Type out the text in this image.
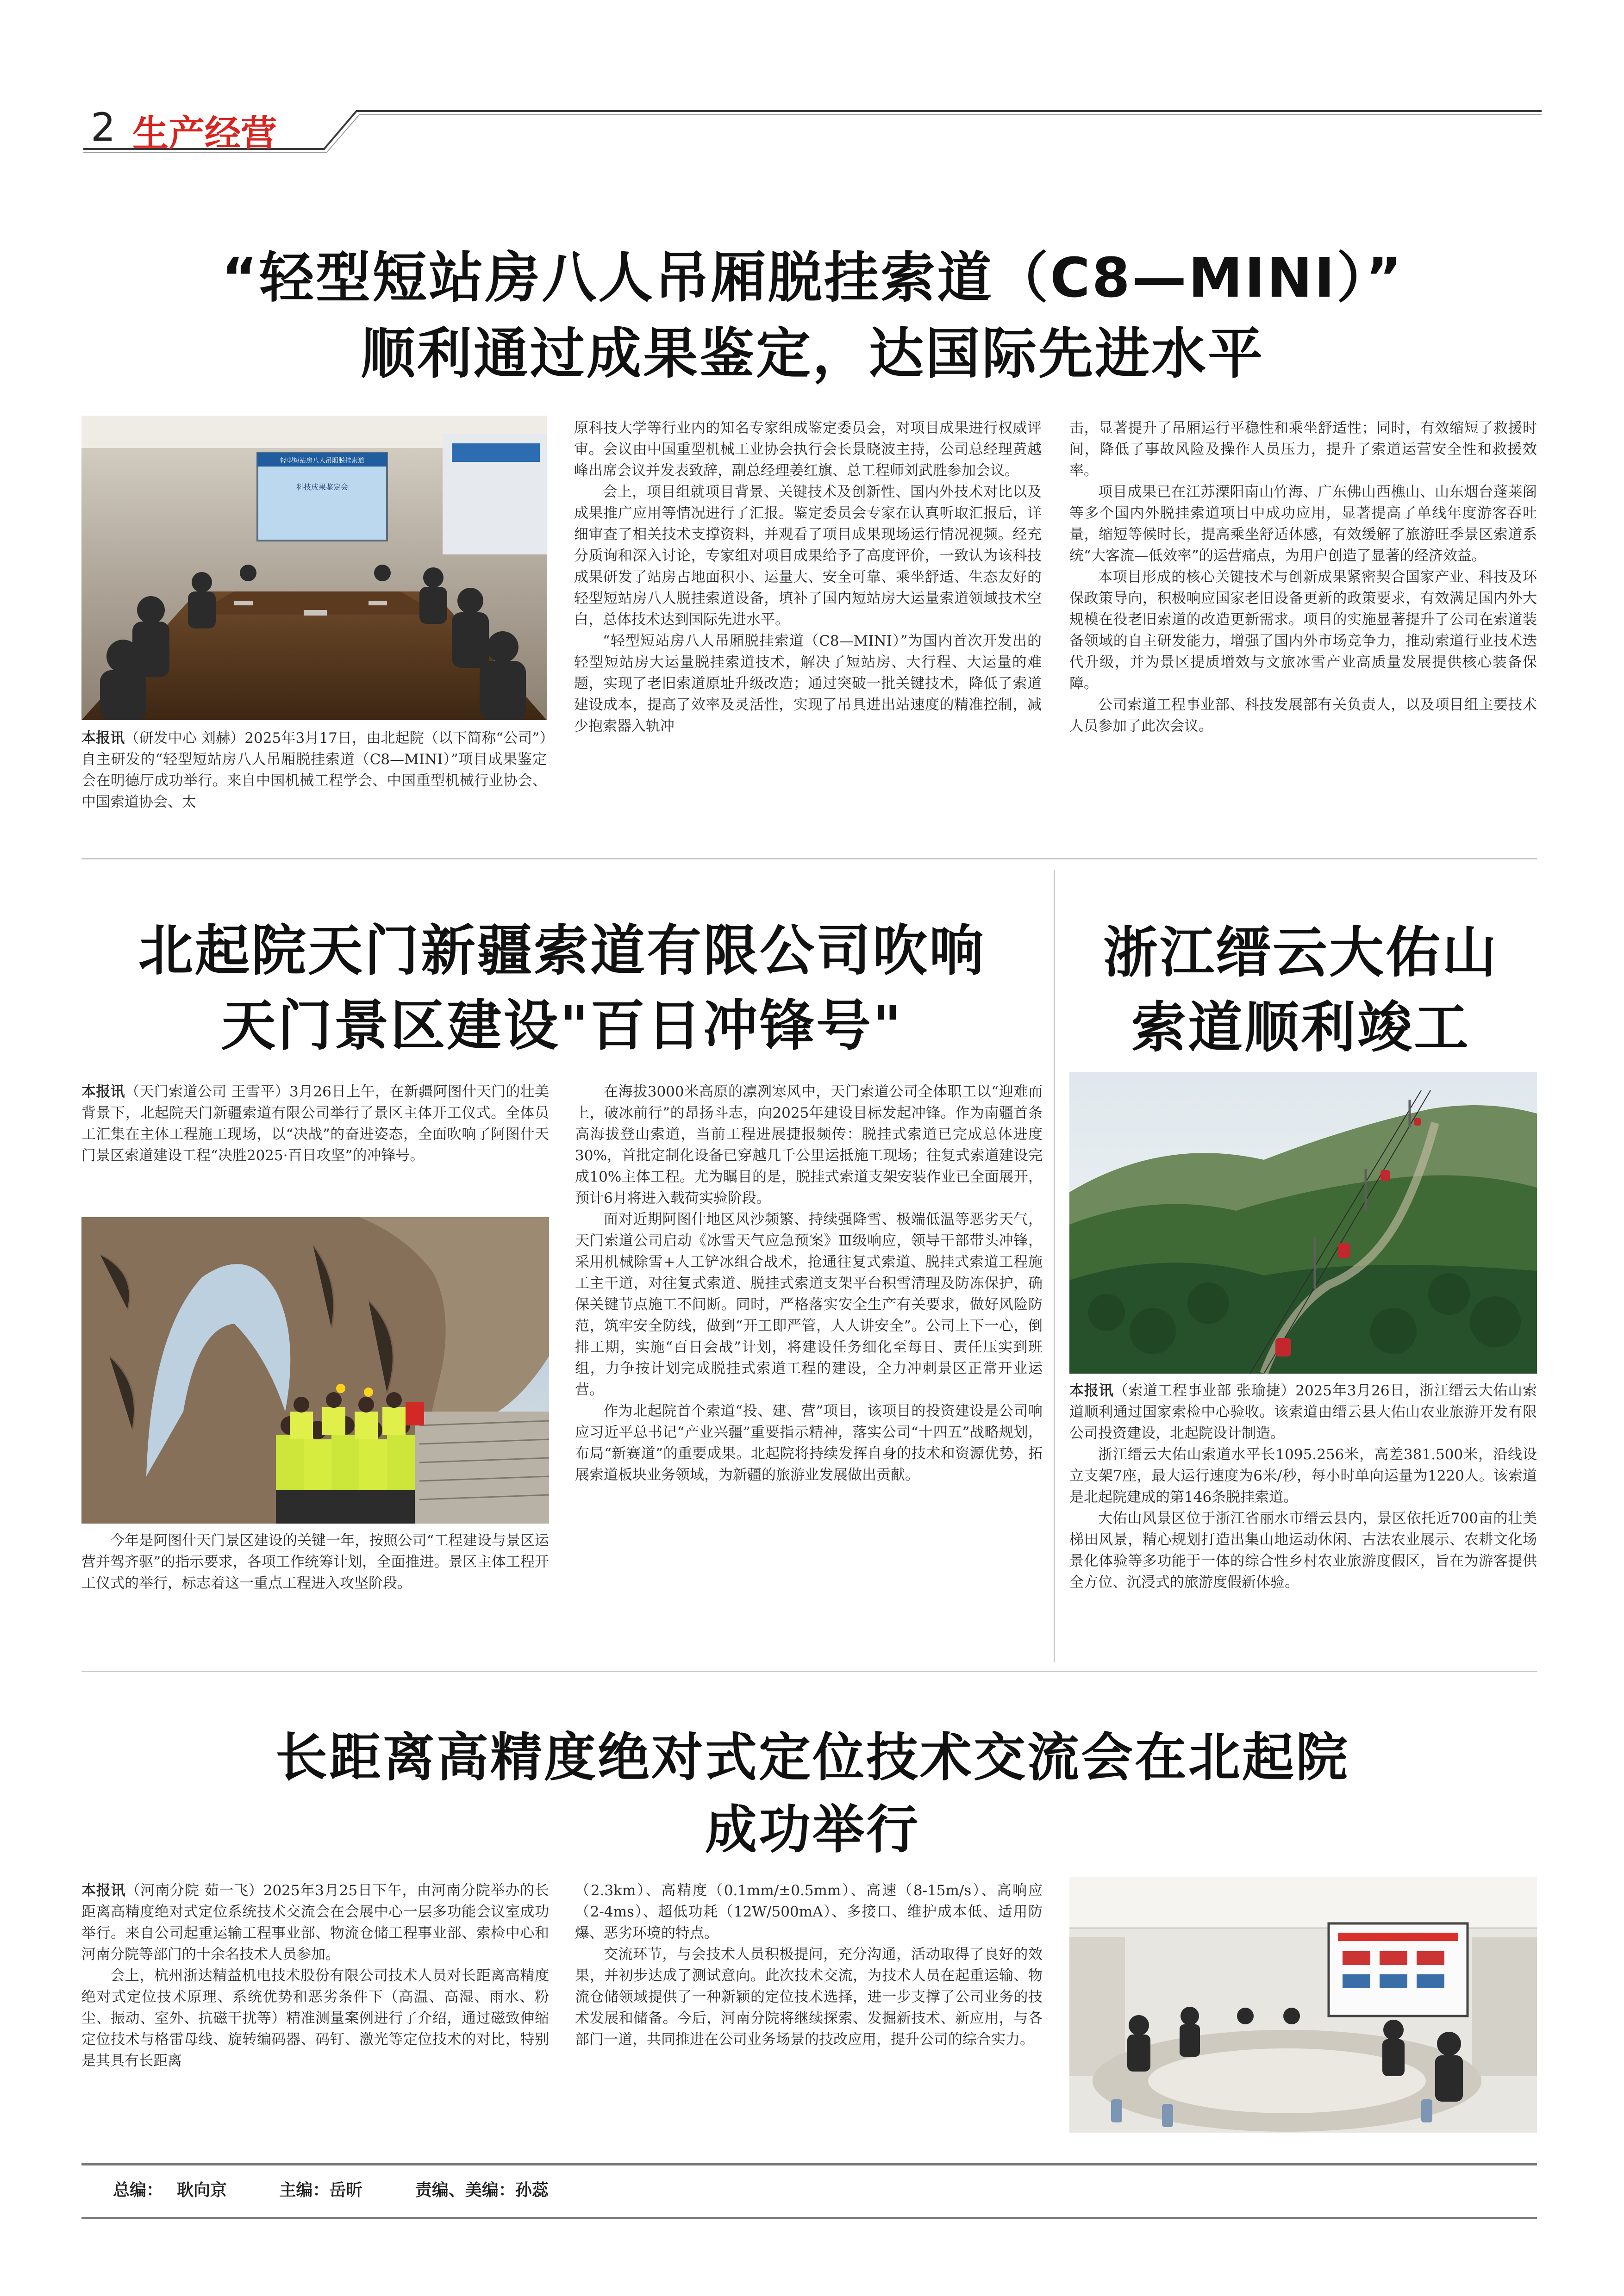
2 生产经营
“轻型短站房八人吊厢脱挂索道（C8—MINI）”
顺利通过成果鉴定，达国际先进水平
轻型短站房八人吊厢脱挂索道
科技成果鉴定会

本报讯（研发中心 刘赫）2025年3月17日，由北起院（以下简称“公司”）自主研发的“轻型短站房八人吊厢脱挂索道（C8—MINI）”项目成果鉴定会在明德厅成功举行。来自中国机械工程学会、中国重型机械行业协会、中国索道协会、太

原科技大学等行业内的知名专家组成鉴定委员会，对项目成果进行权威评审。会议由中国重型机械工业协会执行会长景晓波主持，公司总经理黄越峰出席会议并发表致辞，副总经理姜红旗、总工程师刘武胜参加会议。

会上，项目组就项目背景、关键技术及创新性、国内外技术对比以及成果推广应用等情况进行了汇报。鉴定委员会专家在认真听取汇报后，详细审查了相关技术支撑资料，并观看了项目成果现场运行情况视频。经充分质询和深入讨论，专家组对项目成果给予了高度评价，一致认为该科技成果研发了站房占地面积小、运量大、安全可靠、乘坐舒适、生态友好的轻型短站房八人脱挂索道设备，填补了国内短站房大运量索道领域技术空白，总体技术达到国际先进水平。

“轻型短站房八人吊厢脱挂索道（C8—MINI）”为国内首次开发出的轻型短站房大运量脱挂索道技术，解决了短站房、大行程、大运量的难题，实现了老旧索道原址升级改造；通过突破一批关键技术，降低了索道建设成本，提高了效率及灵活性，实现了吊具进出站速度的精准控制，减少抱索器入轨冲

击，显著提升了吊厢运行平稳性和乘坐舒适性；同时，有效缩短了救援时间，降低了事故风险及操作人员压力，提升了索道运营安全性和救援效率。

项目成果已在江苏溧阳南山竹海、广东佛山西樵山、山东烟台蓬莱阁等多个国内外脱挂索道项目中成功应用，显著提高了单线年度游客吞吐量，缩短等候时长，提高乘坐舒适体感，有效缓解了旅游旺季景区索道系统“大客流—低效率”的运营痛点，为用户创造了显著的经济效益。

本项目形成的核心关键技术与创新成果紧密契合国家产业、科技及环保政策导向，积极响应国家老旧设备更新的政策要求，有效满足国内外大规模在役老旧索道的改造更新需求。项目的实施显著提升了公司在索道装备领域的自主研发能力，增强了国内外市场竞争力，推动索道行业技术迭代升级，并为景区提质增效与文旅冰雪产业高质量发展提供核心装备保障。

公司索道工程事业部、科技发展部有关负责人，以及项目组主要技术人员参加了此次会议。

北起院天门新疆索道有限公司吹响
天门景区建设"百日冲锋号"

本报讯（天门索道公司 王雪平）3月26日上午，在新疆阿图什天门的壮美背景下，北起院天门新疆索道有限公司举行了景区主体开工仪式。全体员工汇集在主体工程施工现场，以“决战”的奋进姿态，全面吹响了阿图什天门景区索道建设工程“决胜2025·百日攻坚”的冲锋号。

今年是阿图什天门景区建设的关键一年，按照公司“工程建设与景区运营并驾齐驱”的指示要求，各项工作统筹计划，全面推进。景区主体工程开工仪式的举行，标志着这一重点工程进入攻坚阶段。

在海拔3000米高原的凛冽寒风中，天门索道公司全体职工以“迎难而上，破冰前行”的昂扬斗志，向2025年建设目标发起冲锋。作为南疆首条高海拔登山索道，当前工程进展捷报频传：脱挂式索道已完成总体进度30%，首批定制化设备已穿越几千公里运抵施工现场；往复式索道建设完成10%主体工程。尤为瞩目的是，脱挂式索道支架安装作业已全面展开，预计6月将进入载荷实验阶段。

面对近期阿图什地区风沙频繁、持续强降雪、极端低温等恶劣天气，天门索道公司启动《冰雪天气应急预案》Ⅲ级响应，领导干部带头冲锋，采用机械除雪+人工铲冰组合战术，抢通往复式索道、脱挂式索道工程施工主干道，对往复式索道、脱挂式索道支架平台积雪清理及防冻保护，确保关键节点施工不间断。同时，严格落实安全生产有关要求，做好风险防范，筑牢安全防线，做到“开工即严管，人人讲安全”。公司上下一心，倒排工期，实施“百日会战”计划，将建设任务细化至每日、责任压实到班组，力争按计划完成脱挂式索道工程的建设，全力冲刺景区正常开业运营。

作为北起院首个索道“投、建、营”项目，该项目的投资建设是公司响应习近平总书记“产业兴疆”重要指示精神，落实公司“十四五”战略规划，布局“新赛道”的重要成果。北起院将持续发挥自身的技术和资源优势，拓展索道板块业务领域，为新疆的旅游业发展做出贡献。

浙江缙云大佑山
索道顺利竣工

本报讯（索道工程事业部 张瑜捷）2025年3月26日，浙江缙云大佑山索道顺利通过国家索检中心验收。该索道由缙云县大佑山农业旅游开发有限公司投资建设，北起院设计制造。

浙江缙云大佑山索道水平长1095.256米，高差381.500米，沿线设立支架7座，最大运行速度为6米/秒，每小时单向运量为1220人。该索道是北起院建成的第146条脱挂索道。

大佑山风景区位于浙江省丽水市缙云县内，景区依托近700亩的壮美梯田风景，精心规划打造出集山地运动休闲、古法农业展示、农耕文化场景化体验等多功能于一体的综合性乡村农业旅游度假区，旨在为游客提供全方位、沉浸式的旅游度假新体验。

长距离高精度绝对式定位技术交流会在北起院
成功举行

本报讯（河南分院 茹一飞）2025年3月25日下午，由河南分院举办的长距离高精度绝对式定位系统技术交流会在会展中心一层多功能会议室成功举行。来自公司起重运输工程事业部、物流仓储工程事业部、索检中心和河南分院等部门的十余名技术人员参加。

会上，杭州浙达精益机电技术股份有限公司技术人员对长距离高精度绝对式定位技术原理、系统优势和恶劣条件下（高温、高湿、雨水、粉尘、振动、室外、抗磁干扰等）精准测量案例进行了介绍，通过磁致伸缩定位技术与格雷母线、旋转编码器、码钉、激光等定位技术的对比，特别是其具有长距离

（2.3km）、高精度（0.1mm/±0.5mm）、高速（8-15m/s）、高响应（2-4ms）、超低功耗（12W/500mA）、多接口、维护成本低、适用防爆、恶劣环境的特点。

交流环节，与会技术人员积极提问，充分沟通，活动取得了良好的效果，并初步达成了测试意向。此次技术交流，为技术人员在起重运输、物流仓储领域提供了一种新颖的定位技术选择，进一步支撑了公司业务的技术发展和储备。今后，河南分院将继续探索、发掘新技术、新应用，与各部门一道，共同推进在公司业务场景的技改应用，提升公司的综合实力。

总编： 耿向京	主编：岳昕	责编、美编：孙蕊
